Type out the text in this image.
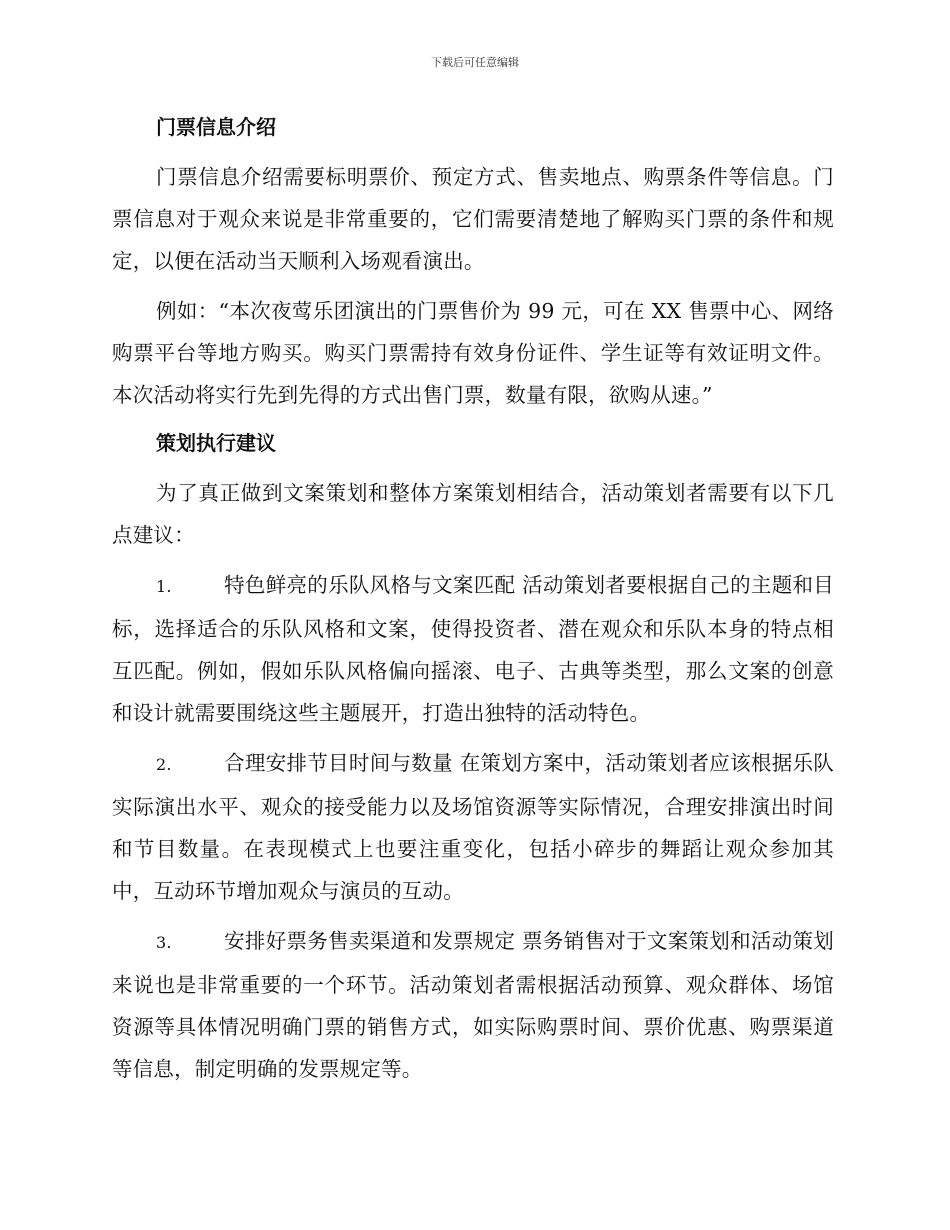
下载后可任意编辑
门票信息介绍

门票信息介绍需要标明票价、预定方式、售卖地点、购票条件等信息。门票信息对于观众来说是非常重要的，它们需要清楚地了解购买门票的条件和规定，以便在活动当天顺利入场观看演出。

例如：“本次夜莺乐团演出的门票售价为 99 元，可在 XX 售票中心、网络购票平台等地方购买。购买门票需持有效身份证件、学生证等有效证明文件。本次活动将实行先到先得的方式出售门票，数量有限，欲购从速。”

策划执行建议

为了真正做到文案策划和整体方案策划相结合，活动策划者需要有以下几点建议：

1.	特色鲜亮的乐队风格与文案匹配 活动策划者要根据自己的主题和目标，选择适合的乐队风格和文案，使得投资者、潜在观众和乐队本身的特点相互匹配。例如，假如乐队风格偏向摇滚、电子、古典等类型，那么文案的创意和设计就需要围绕这些主题展开，打造出独特的活动特色。

2.	合理安排节目时间与数量 在策划方案中，活动策划者应该根据乐队实际演出水平、观众的接受能力以及场馆资源等实际情况，合理安排演出时间和节目数量。在表现模式上也要注重变化，包括小碎步的舞蹈让观众参加其中，互动环节增加观众与演员的互动。

3.	安排好票务售卖渠道和发票规定 票务销售对于文案策划和活动策划来说也是非常重要的一个环节。活动策划者需根据活动预算、观众群体、场馆资源等具体情况明确门票的销售方式，如实际购票时间、票价优惠、购票渠道等信息，制定明确的发票规定等。
